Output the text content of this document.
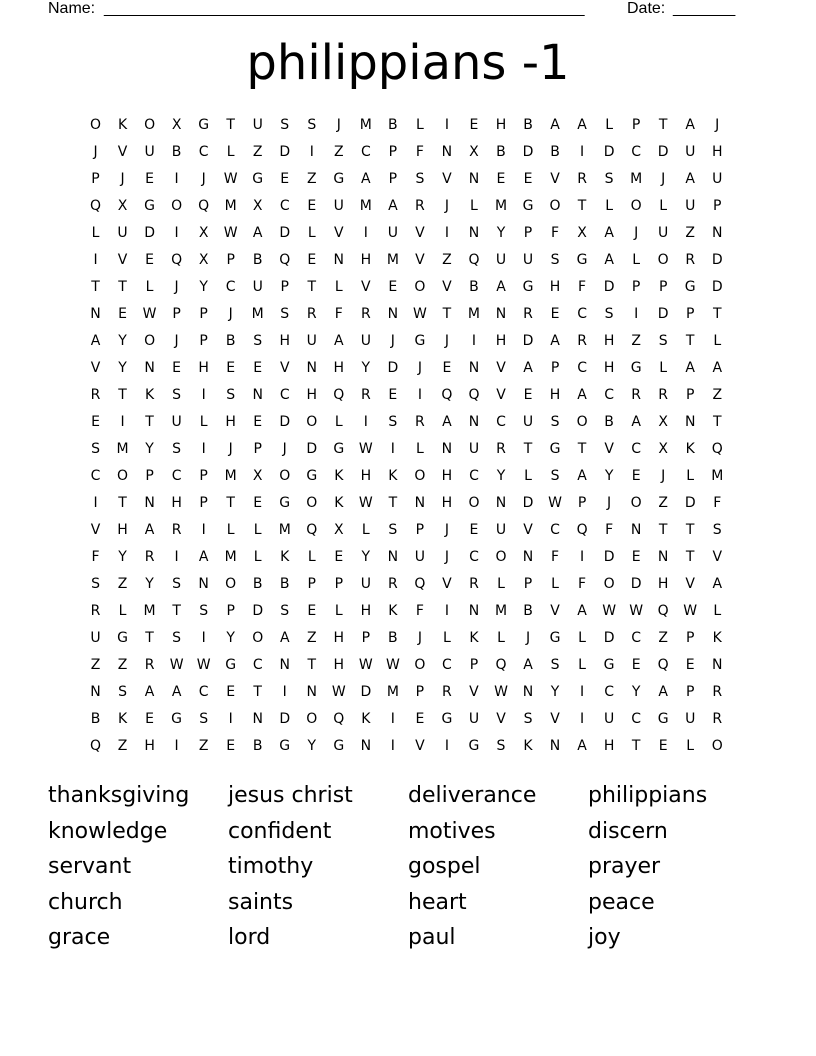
Name: ______________________________________________________	Date: _______
philippians -1
O	K	O	X	G	T	U	S	S	J	M	B	L	I	E	H	B	A	A	L	P	T	A	J
J	V	U	B	C	L	Z	D	I	Z	C	P	F	N	X	B	D	B	I	D	C	D	U	H
P	J	E	I	J	W	G	E	Z	G	A	P	S	V	N	E	E	V	R	S	M	J	A	U
Q	X	G	O	Q	M	X	C	E	U	M	A	R	J	L	M	G	O	T	L	O	L	U	P
L	U	D	I	X	W	A	D	L	V	I	U	V	I	N	Y	P	F	X	A	J	U	Z	N
I	V	E	Q	X	P	B	Q	E	N	H	M	V	Z	Q	U	U	S	G	A	L	O	R	D
T	T	L	J	Y	C	U	P	T	L	V	E	O	V	B	A	G	H	F	D	P	P	G	D
N	E	W	P	P	J	M	S	R	F	R	N	W	T	M	N	R	E	C	S	I	D	P	T
A	Y	O	J	P	B	S	H	U	A	U	J	G	J	I	H	D	A	R	H	Z	S	T	L
V	Y	N	E	H	E	E	V	N	H	Y	D	J	E	N	V	A	P	C	H	G	L	A	A
R	T	K	S	I	S	N	C	H	Q	R	E	I	Q	Q	V	E	H	A	C	R	R	P	Z
E	I	T	U	L	H	E	D	O	L	I	S	R	A	N	C	U	S	O	B	A	X	N	T
S	M	Y	S	I	J	P	J	D	G	W	I	L	N	U	R	T	G	T	V	C	X	K	Q
C	O	P	C	P	M	X	O	G	K	H	K	O	H	C	Y	L	S	A	Y	E	J	L	M
I	T	N	H	P	T	E	G	O	K	W	T	N	H	O	N	D	W	P	J	O	Z	D	F
V	H	A	R	I	L	L	M	Q	X	L	S	P	J	E	U	V	C	Q	F	N	T	T	S
F	Y	R	I	A	M	L	K	L	E	Y	N	U	J	C	O	N	F	I	D	E	N	T	V
S	Z	Y	S	N	O	B	B	P	P	U	R	Q	V	R	L	P	L	F	O	D	H	V	A
R	L	M	T	S	P	D	S	E	L	H	K	F	I	N	M	B	V	A	W W	Q	W	L
U	G	T	S	I	Y	O	A	Z	H	P	B	J	L	K	L	J	G	L	D	C	Z	P	K
Z	Z	R	W W	G	C	N	T	H	W W	O	C	P	Q	A	S	L	G	E	Q	E	N
N	S	A	A	C	E	T	I	N	W	D	M	P	R	V	W	N	Y	I	C	Y	A	P	R
B	K	E	G	S	I	N	D	O	Q	K	I	E	G	U	V	S	V	I	U	C	G	U	R
Q	Z	H	I	Z	E	B	G	Y	G	N	I	V	I	G	S	K	N	A	H	T	E	L	O
thanksgiving	jesus christ	deliverance	philippians
knowledge	confident	motives	discern
servant	timothy	gospel	prayer
church	saints	heart	peace
grace	lord	paul	joy
